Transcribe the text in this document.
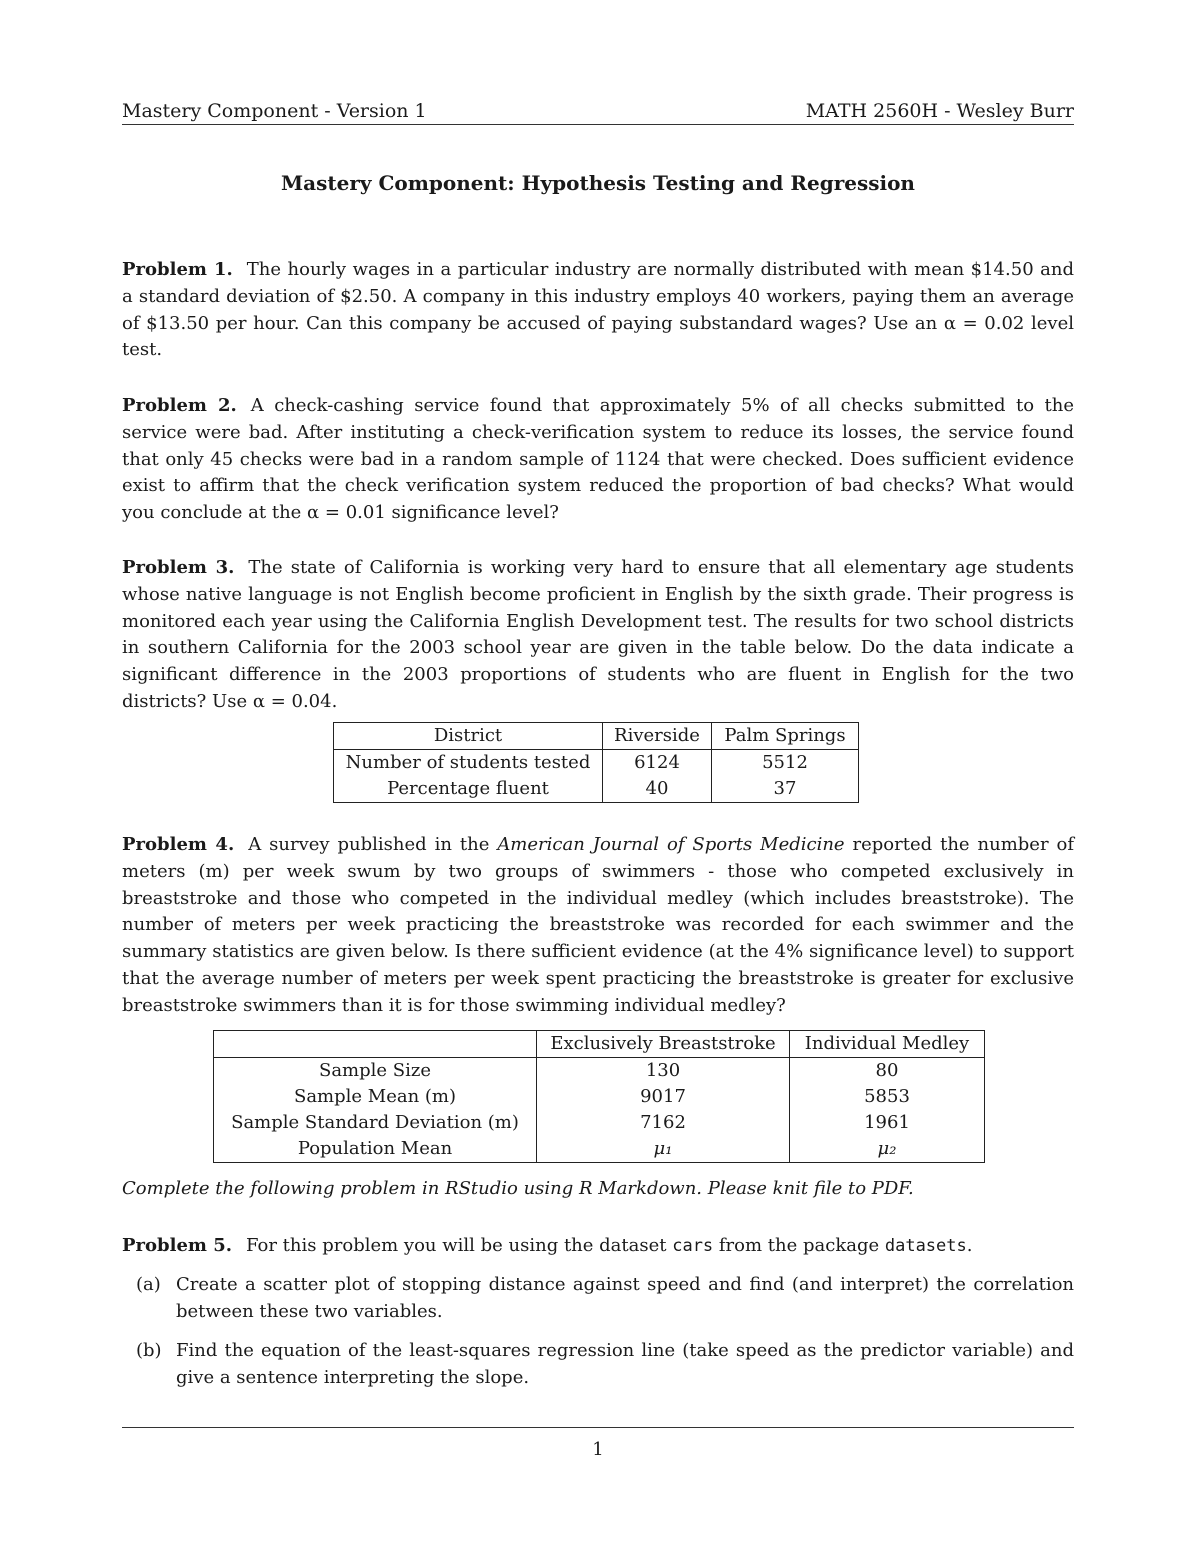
Mastery Component - Version 1	MATH 2560H - Wesley Burr
Mastery Component: Hypothesis Testing and Regression

Problem 1. The hourly wages in a particular industry are normally distributed with mean $14.50 and a standard deviation of $2.50. A company in this industry employs 40 workers, paying them an average of $13.50 per hour. Can this company be accused of paying substandard wages? Use an α = 0.02 level test.

Problem 2. A check-cashing service found that approximately 5% of all checks submitted to the service were bad. After instituting a check-verification system to reduce its losses, the service found that only 45 checks were bad in a random sample of 1124 that were checked. Does sufficient evidence exist to affirm that the check verification system reduced the proportion of bad checks? What would you conclude at the α = 0.01 significance level?

Problem 3. The state of California is working very hard to ensure that all elementary age students whose native language is not English become proficient in English by the sixth grade. Their progress is monitored each year using the California English Development test. The results for two school districts in southern California for the 2003 school year are given in the table below. Do the data indicate a significant difference in the 2003 proportions of students who are fluent in English for the two districts? Use α = 0.04.

District	Riverside	Palm Springs
Number of students tested	6124	5512
Percentage fluent	40	37

Problem 4. A survey published in the American Journal of Sports Medicine reported the number of meters (m) per week swum by two groups of swimmers - those who competed exclusively in breaststroke and those who competed in the individual medley (which includes breaststroke). The number of meters per week practicing the breaststroke was recorded for each swimmer and the summary statistics are given below. Is there sufficient evidence (at the 4% significance level) to support that the average number of meters per week spent practicing the breaststroke is greater for exclusive breaststroke swimmers than it is for those swimming individual medley?

	Exclusively Breaststroke	Individual Medley
Sample Size	130	80
Sample Mean (m)	9017	5853
Sample Standard Deviation (m)	7162	1961
Population Mean	μ₁	μ₂
Complete the following problem in RStudio using R Markdown. Please knit file to PDF.

Problem 5. For this problem you will be using the dataset cars from the package datasets.

(a) Create a scatter plot of stopping distance against speed and find (and interpret) the correlation between these two variables.
(b) Find the equation of the least-squares regression line (take speed as the predictor variable) and give a sentence interpreting the slope.
1
